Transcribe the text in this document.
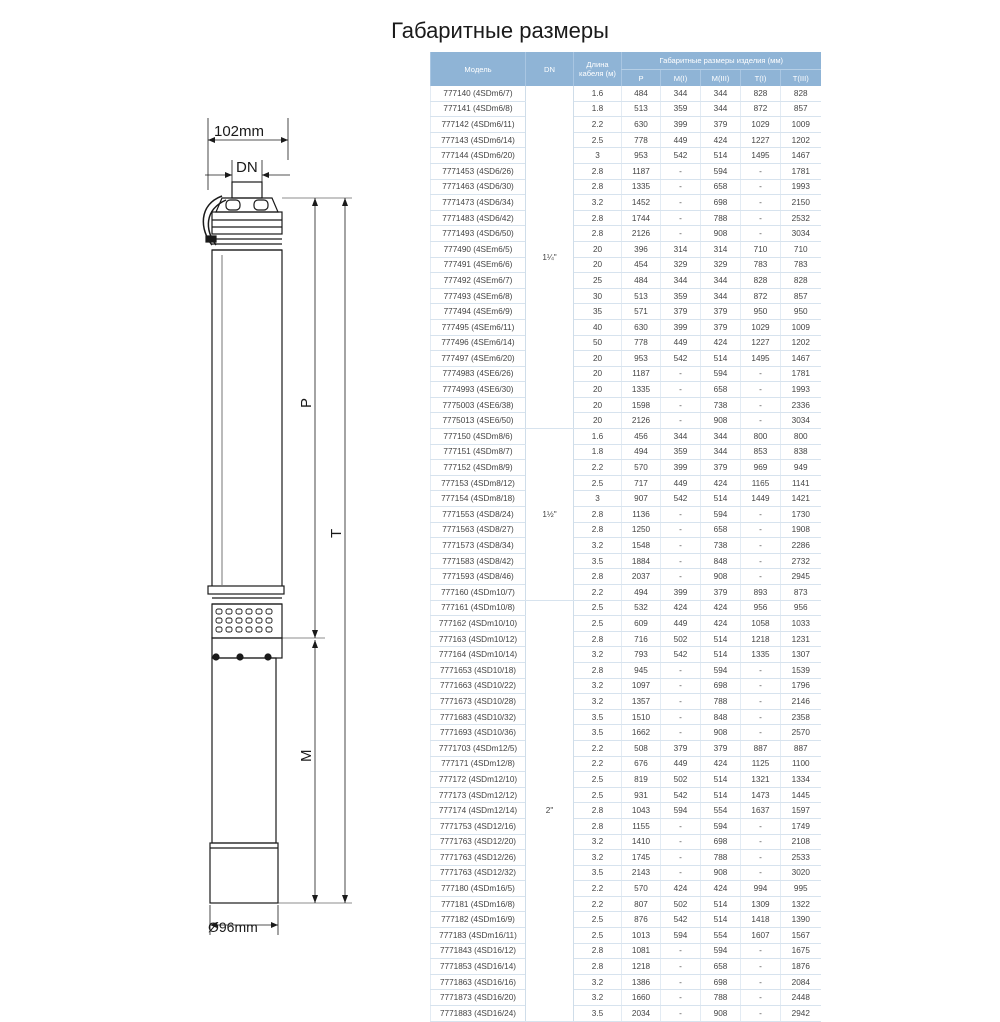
Габаритные размеры
102mm
DN
P
T
M
Ø96mm
Модель	DN	Длина кабеля (м)	Габаритные размеры изделия (мм)				
			P	M(I)	M(III)	T(I)	T(III)
777140 (4SDm6/7)	1¼"	1.6	484	344	344	828	828
777141 (4SDm6/8)		1.8	513	359	344	872	857
777142 (4SDm6/11)		2.2	630	399	379	1029	1009
777143 (4SDm6/14)		2.5	778	449	424	1227	1202
777144 (4SDm6/20)		3	953	542	514	1495	1467
7771453 (4SD6/26)		2.8	1187	-	594	-	1781
7771463 (4SD6/30)		2.8	1335	-	658	-	1993
7771473 (4SD6/34)		3.2	1452	-	698	-	2150
7771483 (4SD6/42)		2.8	1744	-	788	-	2532
7771493 (4SD6/50)		2.8	2126	-	908	-	3034
777490 (4SEm6/5)		20	396	314	314	710	710
777491 (4SEm6/6)		20	454	329	329	783	783
777492 (4SEm6/7)		25	484	344	344	828	828
777493 (4SEm6/8)		30	513	359	344	872	857
777494 (4SEm6/9)		35	571	379	379	950	950
777495 (4SEm6/11)		40	630	399	379	1029	1009
777496 (4SEm6/14)		50	778	449	424	1227	1202
777497 (4SEm6/20)		20	953	542	514	1495	1467
7774983 (4SE6/26)		20	1187	-	594	-	1781
7774993 (4SE6/30)		20	1335	-	658	-	1993
7775003 (4SE6/38)		20	1598	-	738	-	2336
7775013 (4SE6/50)		20	2126	-	908	-	3034
777150 (4SDm8/6)	1½"	1.6	456	344	344	800	800
777151 (4SDm8/7)		1.8	494	359	344	853	838
777152 (4SDm8/9)		2.2	570	399	379	969	949
777153 (4SDm8/12)		2.5	717	449	424	1165	1141
777154 (4SDm8/18)		3	907	542	514	1449	1421
7771553 (4SD8/24)		2.8	1136	-	594	-	1730
7771563 (4SD8/27)		2.8	1250	-	658	-	1908
7771573 (4SD8/34)		3.2	1548	-	738	-	2286
7771583 (4SD8/42)		3.5	1884	-	848	-	2732
7771593 (4SD8/46)		2.8	2037	-	908	-	2945
777160 (4SDm10/7)		2.2	494	399	379	893	873
777161 (4SDm10/8)	2"	2.5	532	424	424	956	956
777162 (4SDm10/10)		2.5	609	449	424	1058	1033
777163 (4SDm10/12)		2.8	716	502	514	1218	1231
777164 (4SDm10/14)		3.2	793	542	514	1335	1307
7771653 (4SD10/18)		2.8	945	-	594	-	1539
7771663 (4SD10/22)		3.2	1097	-	698	-	1796
7771673 (4SD10/28)		3.2	1357	-	788	-	2146
7771683 (4SD10/32)		3.5	1510	-	848	-	2358
7771693 (4SD10/36)		3.5	1662	-	908	-	2570
7771703 (4SDm12/5)		2.2	508	379	379	887	887
777171 (4SDm12/8)		2.2	676	449	424	1125	1100
777172 (4SDm12/10)		2.5	819	502	514	1321	1334
777173 (4SDm12/12)		2.5	931	542	514	1473	1445
777174 (4SDm12/14)		2.8	1043	594	554	1637	1597
7771753 (4SD12/16)		2.8	1155	-	594	-	1749
7771763 (4SD12/20)		3.2	1410	-	698	-	2108
7771763 (4SD12/26)		3.2	1745	-	788	-	2533
7771763 (4SD12/32)		3.5	2143	-	908	-	3020
777180 (4SDm16/5)		2.2	570	424	424	994	995
777181 (4SDm16/8)		2.2	807	502	514	1309	1322
777182 (4SDm16/9)		2.5	876	542	514	1418	1390
777183 (4SDm16/11)		2.5	1013	594	554	1607	1567
7771843 (4SD16/12)		2.8	1081	-	594	-	1675
7771853 (4SD16/14)		2.8	1218	-	658	-	1876
7771863 (4SD16/16)		3.2	1386	-	698	-	2084
7771873 (4SD16/20)		3.2	1660	-	788	-	2448
7771883 (4SD16/24)		3.5	2034	-	908	-	2942
